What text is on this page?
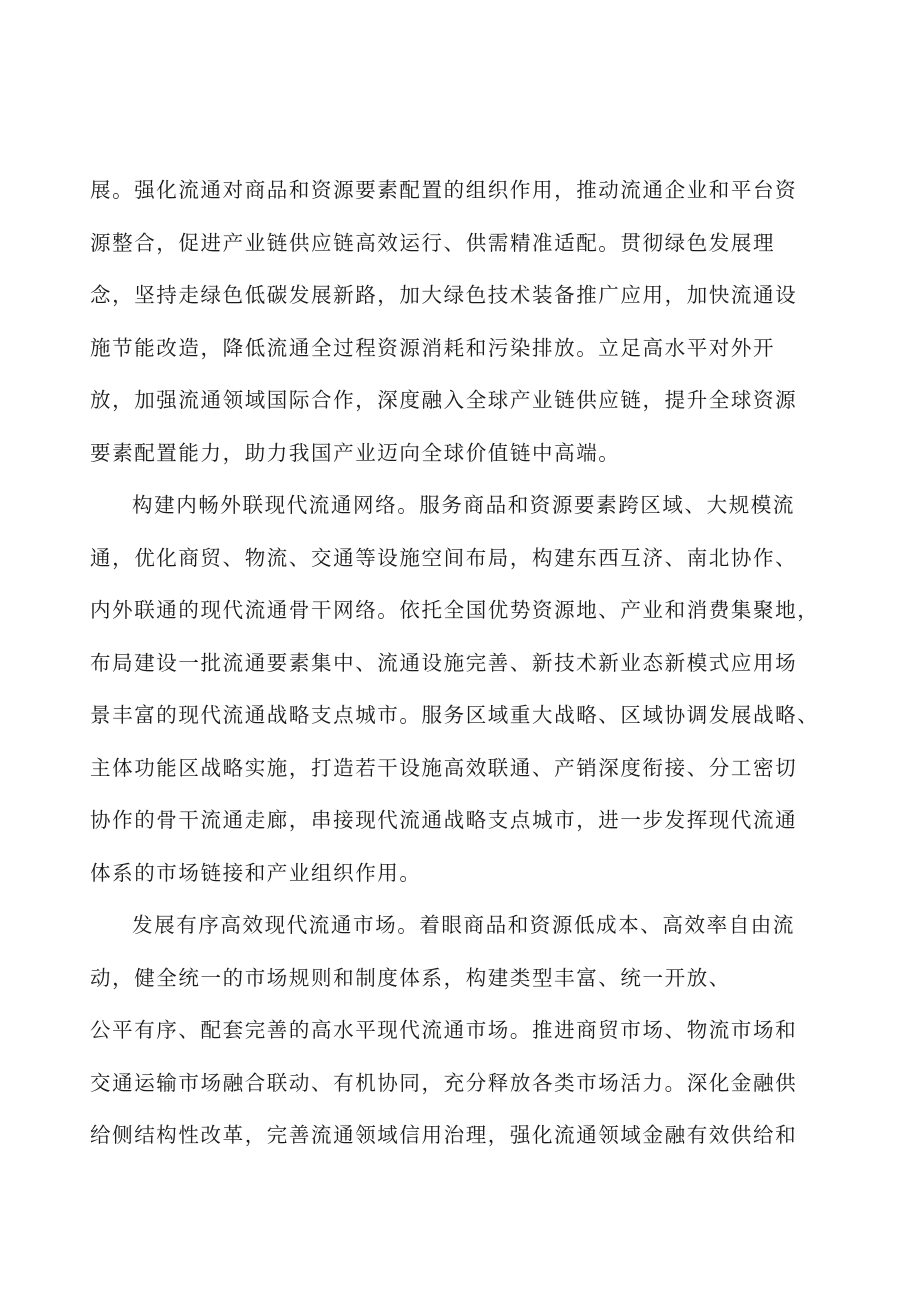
展。强化流通对商品和资源要素配置的组织作用，推动流通企业和平台资
源整合，促进产业链供应链高效运行、供需精准适配。贯彻绿色发展理
念，坚持走绿色低碳发展新路，加大绿色技术装备推广应用，加快流通设
施节能改造，降低流通全过程资源消耗和污染排放。立足高水平对外开
放，加强流通领域国际合作，深度融入全球产业链供应链，提升全球资源
要素配置能力，助力我国产业迈向全球价值链中高端。
构建内畅外联现代流通网络。服务商品和资源要素跨区域、大规模流
通，优化商贸、物流、交通等设施空间布局，构建东西互济、南北协作、
内外联通的现代流通骨干网络。依托全国优势资源地、产业和消费集聚地，
布局建设一批流通要素集中、流通设施完善、新技术新业态新模式应用场
景丰富的现代流通战略支点城市。服务区域重大战略、区域协调发展战略、
主体功能区战略实施，打造若干设施高效联通、产销深度衔接、分工密切
协作的骨干流通走廊，串接现代流通战略支点城市，进一步发挥现代流通
体系的市场链接和产业组织作用。
发展有序高效现代流通市场。着眼商品和资源低成本、高效率自由流
动，健全统一的市场规则和制度体系，构建类型丰富、统一开放、
公平有序、配套完善的高水平现代流通市场。推进商贸市场、物流市场和
交通运输市场融合联动、有机协同，充分释放各类市场活力。深化金融供
给侧结构性改革，完善流通领域信用治理，强化流通领域金融有效供给和
